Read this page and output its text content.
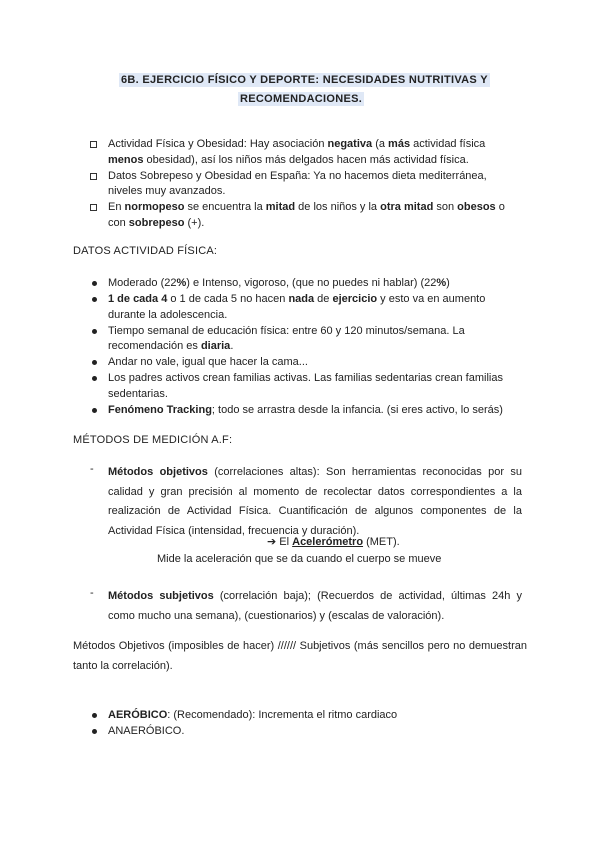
6B. EJERCICIO FÍSICO Y DEPORTE: NECESIDADES NUTRITIVAS Y
RECOMENDACIONES.
Actividad Física y Obesidad: Hay asociación negativa (a más actividad física menos obesidad), así los niños más delgados hacen más actividad física.
Datos Sobrepeso y Obesidad en España: Ya no hacemos dieta mediterránea, niveles muy avanzados.
En normopeso se encuentra la mitad de los niños y la otra mitad son obesos o con sobrepeso (+).
DATOS ACTIVIDAD FÍSICA:
Moderado (22%) e Intenso, vigoroso, (que no puedes ni hablar) (22%)
1 de cada 4 o 1 de cada 5 no hacen nada de ejercicio y esto va en aumento durante la adolescencia.
Tiempo semanal de educación física: entre 60 y 120 minutos/semana. La recomendación es diaria.
Andar no vale, igual que hacer la cama...
Los padres activos crean familias activas. Las familias sedentarias crean familias sedentarias.
Fenómeno Tracking; todo se arrastra desde la infancia. (si eres activo, lo serás)
MÉTODOS DE MEDICIÓN A.F:
- Métodos objetivos (correlaciones altas): Son herramientas reconocidas por su calidad y gran precisión al momento de recolectar datos correspondientes a la realización de Actividad Física. Cuantificación de algunos componentes de la Actividad Física (intensidad, frecuencia y duración).
➔ El Acelerómetro (MET).
Mide la aceleración que se da cuando el cuerpo se mueve
- Métodos subjetivos (correlación baja); (Recuerdos de actividad, últimas 24h y como mucho una semana), (cuestionarios) y (escalas de valoración).
Métodos Objetivos (imposibles de hacer) ////// Subjetivos (más sencillos pero no demuestran tanto la correlación).
AERÓBICO: (Recomendado): Incrementa el ritmo cardiaco
ANAERÓBICO.
